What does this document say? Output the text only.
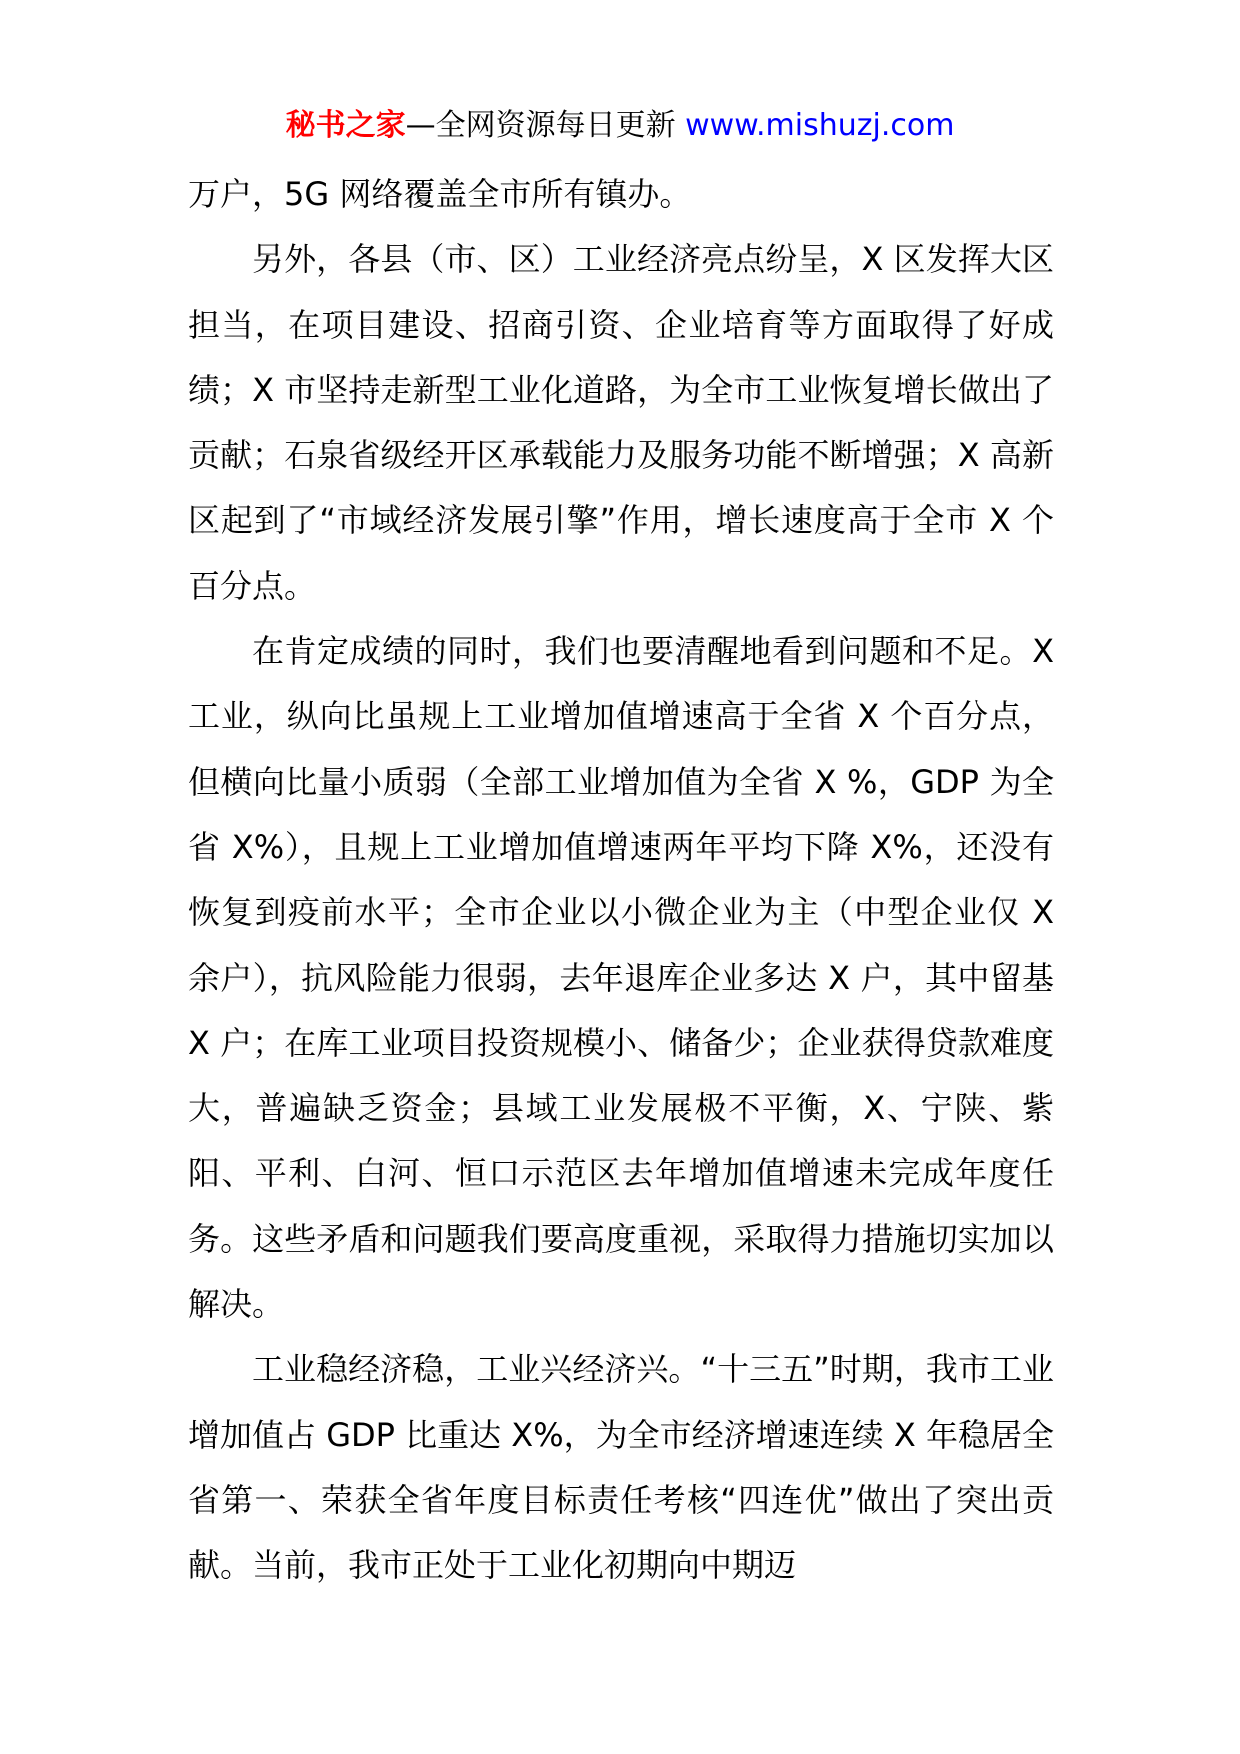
秘书之家—全网资源每日更新 www.mishuzj.com

万户，5G 网络覆盖全市所有镇办。

另外，各县（市、区）工业经济亮点纷呈，X 区发挥大区担当，在项目建设、招商引资、企业培育等方面取得了好成绩；X 市坚持走新型工业化道路，为全市工业恢复增长做出了贡献；石泉省级经开区承载能力及服务功能不断增强；X 高新区起到了“市域经济发展引擎”作用，增长速度高于全市 X 个百分点。

在肯定成绩的同时，我们也要清醒地看到问题和不足。X 工业，纵向比虽规上工业增加值增速高于全省 X 个百分点，但横向比量小质弱（全部工业增加值为全省 X %，GDP 为全省 X%），且规上工业增加值增速两年平均下降 X%，还没有恢复到疫前水平；全市企业以小微企业为主（中型企业仅 X 余户），抗风险能力很弱，去年退库企业多达 X 户，其中留基 X 户；在库工业项目投资规模小、储备少；企业获得贷款难度大，普遍缺乏资金；县域工业发展极不平衡，X、宁陕、紫阳、平利、白河、恒口示范区去年增加值增速未完成年度任务。这些矛盾和问题我们要高度重视，采取得力措施切实加以解决。

工业稳经济稳，工业兴经济兴。“十三五”时期，我市工业增加值占 GDP 比重达 X%，为全市经济增速连续 X 年稳居全省第一、荣获全省年度目标责任考核“四连优”做出了突出贡献。当前，我市正处于工业化初期向中期迈
